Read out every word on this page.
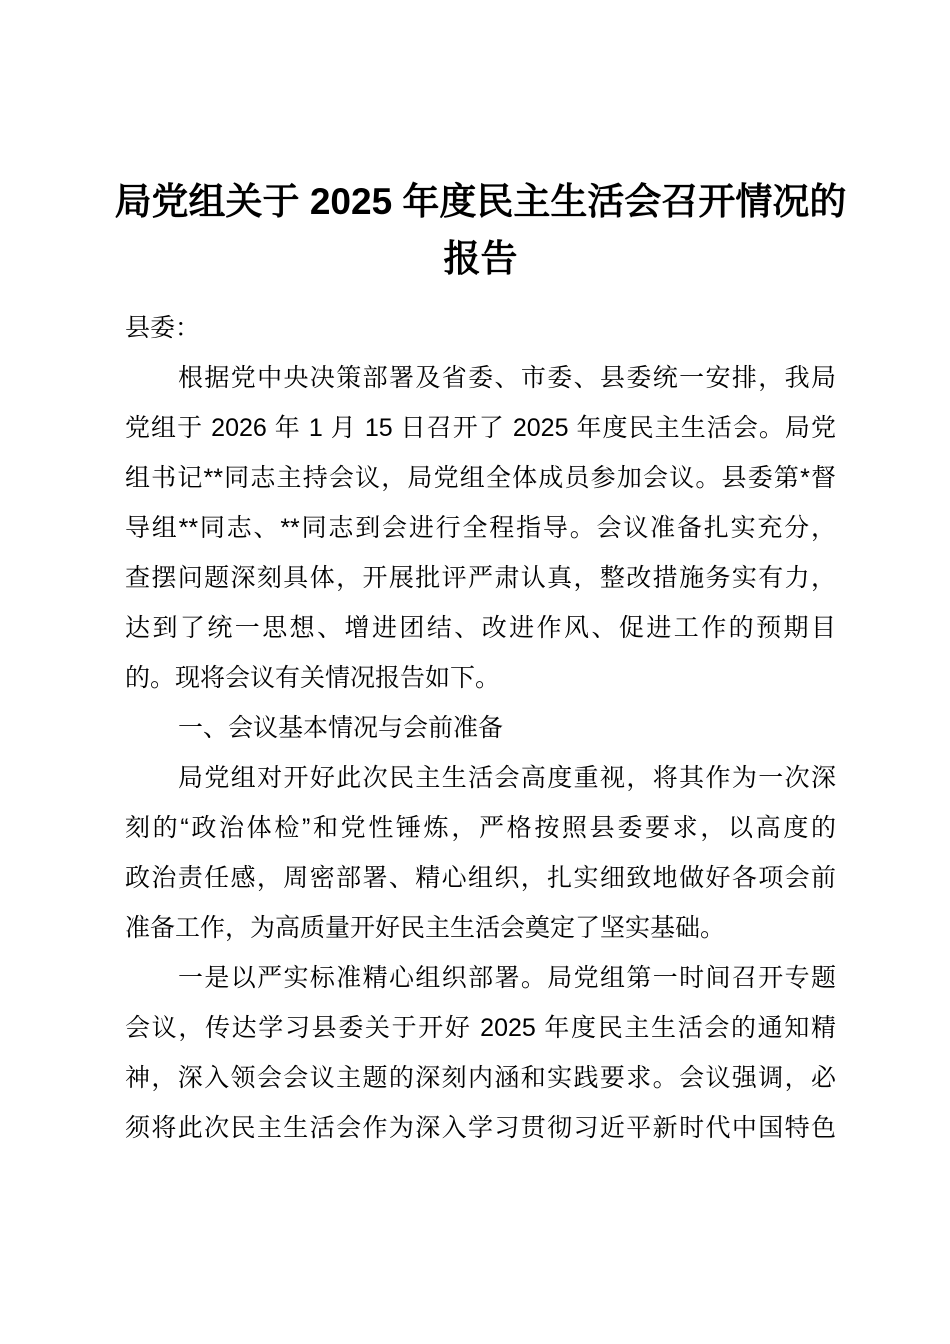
局党组关于 2025 年度民主生活会召开情况的
报告
县委：
根据党中央决策部署及省委、市委、县委统一安排，我局
党组于 2026 年 1 月 15 日召开了 2025 年度民主生活会。局党
组书记**同志主持会议，局党组全体成员参加会议。县委第*督
导组**同志、**同志到会进行全程指导。会议准备扎实充分，
查摆问题深刻具体，开展批评严肃认真，整改措施务实有力，
达到了统一思想、增进团结、改进作风、促进工作的预期目
的。现将会议有关情况报告如下。
一、会议基本情况与会前准备
局党组对开好此次民主生活会高度重视，将其作为一次深
刻的“政治体检”和党性锤炼，严格按照县委要求，以高度的
政治责任感，周密部署、精心组织，扎实细致地做好各项会前
准备工作，为高质量开好民主生活会奠定了坚实基础。
一是以严实标准精心组织部署。局党组第一时间召开专题
会议，传达学习县委关于开好 2025 年度民主生活会的通知精
神，深入领会会议主题的深刻内涵和实践要求。会议强调，必
须将此次民主生活会作为深入学习贯彻习近平新时代中国特色
